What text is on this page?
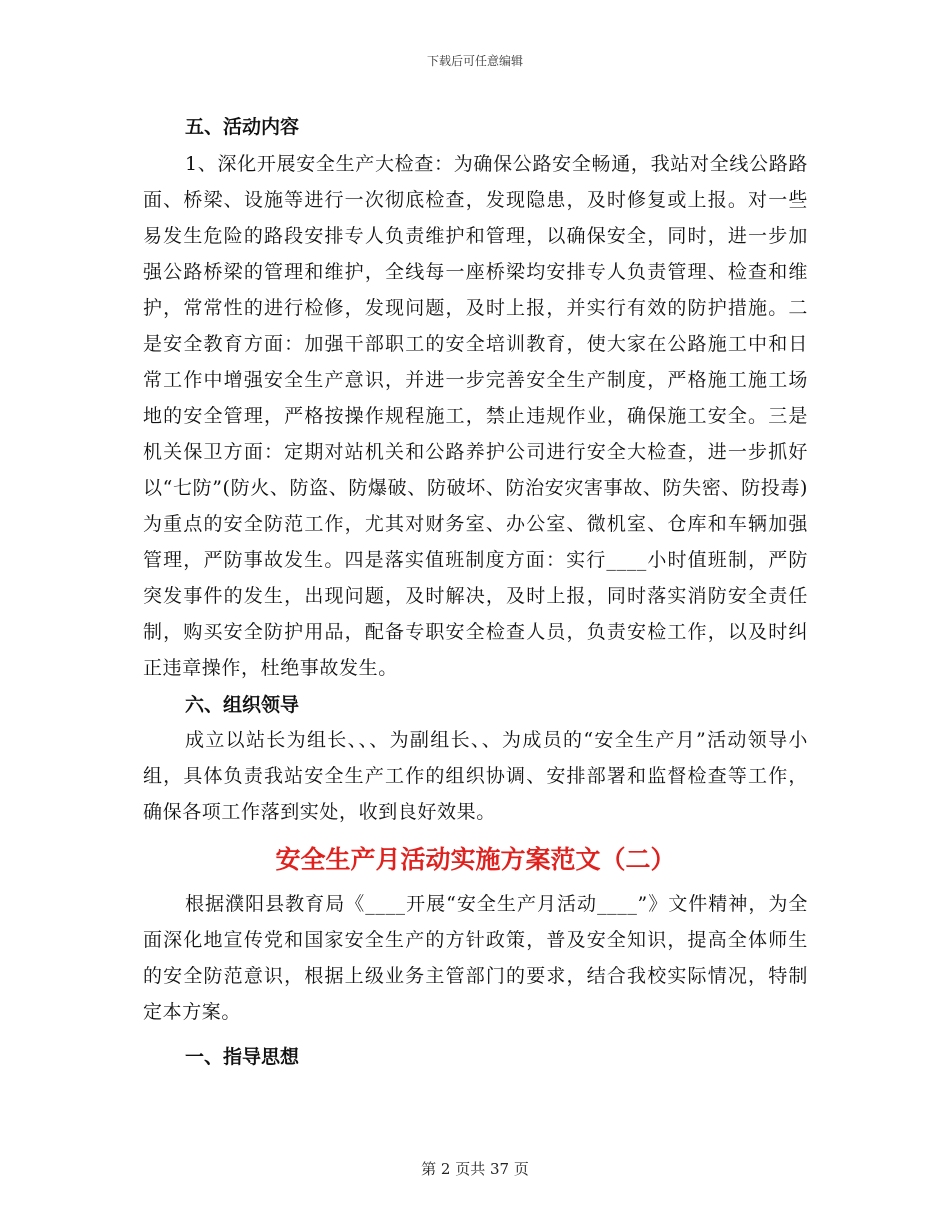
下载后可任意编辑

五、活动内容

1、深化开展安全生产大检查：为确保公路安全畅通，我站对全线公路路面、桥梁、设施等进行一次彻底检查，发现隐患，及时修复或上报。对一些易发生危险的路段安排专人负责维护和管理，以确保安全，同时，进一步加强公路桥梁的管理和维护，全线每一座桥梁均安排专人负责管理、检查和维护，常常性的进行检修，发现问题，及时上报，并实行有效的防护措施。二是安全教育方面：加强干部职工的安全培训教育，使大家在公路施工中和日常工作中增强安全生产意识，并进一步完善安全生产制度，严格施工施工场地的安全管理，严格按操作规程施工，禁止违规作业，确保施工安全。三是机关保卫方面：定期对站机关和公路养护公司进行安全大检查，进一步抓好以“七防”(防火、防盗、防爆破、防破坏、防治安灾害事故、防失密、防投毒)为重点的安全防范工作，尤其对财务室、办公室、微机室、仓库和车辆加强管理，严防事故发生。四是落实值班制度方面：实行____小时值班制，严防突发事件的发生，出现问题，及时解决，及时上报，同时落实消防安全责任制，购买安全防护用品，配备专职安全检查人员，负责安检工作，以及时纠正违章操作，杜绝事故发生。

六、组织领导

成立以站长为组长、、、为副组长、、为成员的“安全生产月”活动领导小组，具体负责我站安全生产工作的组织协调、安排部署和监督检查等工作，确保各项工作落到实处，收到良好效果。

安全生产月活动实施方案范文（二）

根据濮阳县教育局《____开展“安全生产月活动____”》文件精神，为全面深化地宣传党和国家安全生产的方针政策，普及安全知识，提高全体师生的安全防范意识，根据上级业务主管部门的要求，结合我校实际情况，特制定本方案。

一、指导思想

第 2 页共 37 页
